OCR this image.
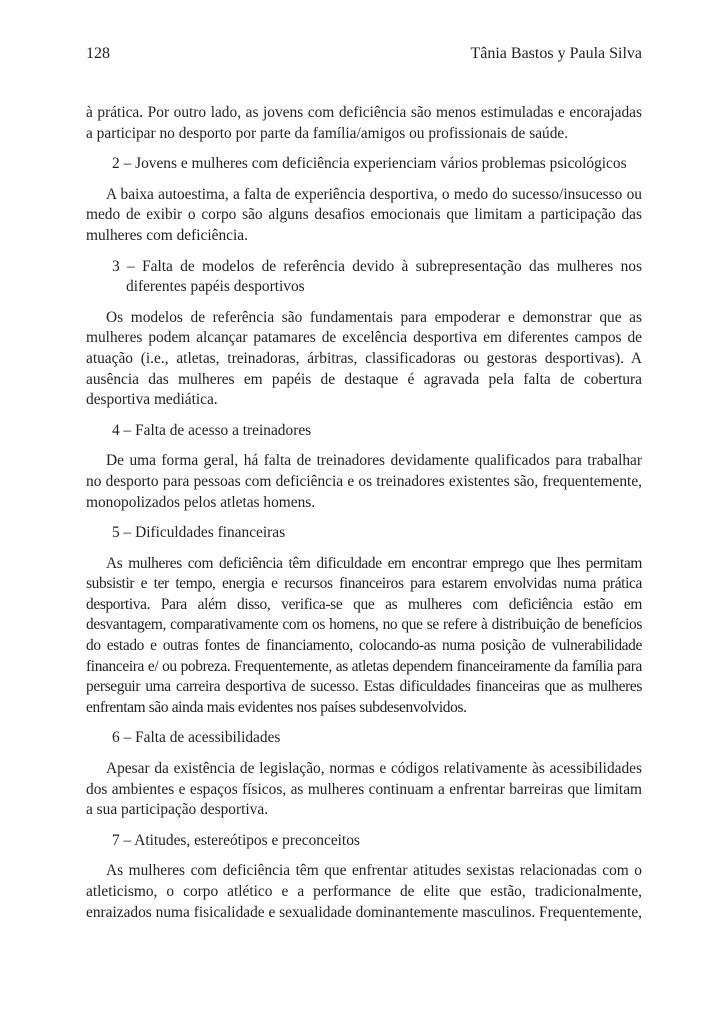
128	Tânia Bastos y Paula Silva

à prática. Por outro lado, as jovens com deficiência são menos estimuladas e encorajadas a participar no desporto por parte da família/amigos ou profissionais de saúde.

2 – Jovens e mulheres com deficiência experienciam vários problemas psicológicos

A baixa autoestima, a falta de experiência desportiva, o medo do sucesso/insucesso ou medo de exibir o corpo são alguns desafios emocionais que limitam a participação das mulheres com deficiência.

3 – Falta de modelos de referência devido à subrepresentação das mulheres nos diferentes papéis desportivos

Os modelos de referência são fundamentais para empoderar e demonstrar que as mulheres podem alcançar patamares de excelência desportiva em diferentes campos de atuação (i.e., atletas, treinadoras, árbitras, classificadoras ou gestoras desportivas). A ausência das mulheres em papéis de destaque é agravada pela falta de cobertura desportiva mediática.

4 – Falta de acesso a treinadores

De uma forma geral, há falta de treinadores devidamente qualificados para trabalhar no desporto para pessoas com deficiência e os treinadores existentes são, frequentemente, monopolizados pelos atletas homens.

5 – Dificuldades financeiras

As mulheres com deficiência têm dificuldade em encontrar emprego que lhes permitam subsistir e ter tempo, energia e recursos financeiros para estarem envolvidas numa prática desportiva. Para além disso, verifica-se que as mulheres com deficiência estão em desvantagem, comparativamente com os homens, no que se refere à distribuição de benefícios do estado e outras fontes de financiamento, colocando-as numa posição de vulnerabilidade financeira e/ ou pobreza. Frequentemente, as atletas dependem financeiramente da família para perseguir uma carreira desportiva de sucesso. Estas dificuldades financeiras que as mulheres enfrentam são ainda mais evidentes nos países subdesenvolvidos.

6 – Falta de acessibilidades

Apesar da existência de legislação, normas e códigos relativamente às acessibilidades dos ambientes e espaços físicos, as mulheres continuam a enfrentar barreiras que limitam a sua participação desportiva.

7 – Atitudes, estereótipos e preconceitos

As mulheres com deficiência têm que enfrentar atitudes sexistas relacionadas com o atleticismo, o corpo atlético e a performance de elite que estão, tradicionalmente, enraizados numa fisicalidade e sexualidade dominantemente masculinos. Frequentemente,
